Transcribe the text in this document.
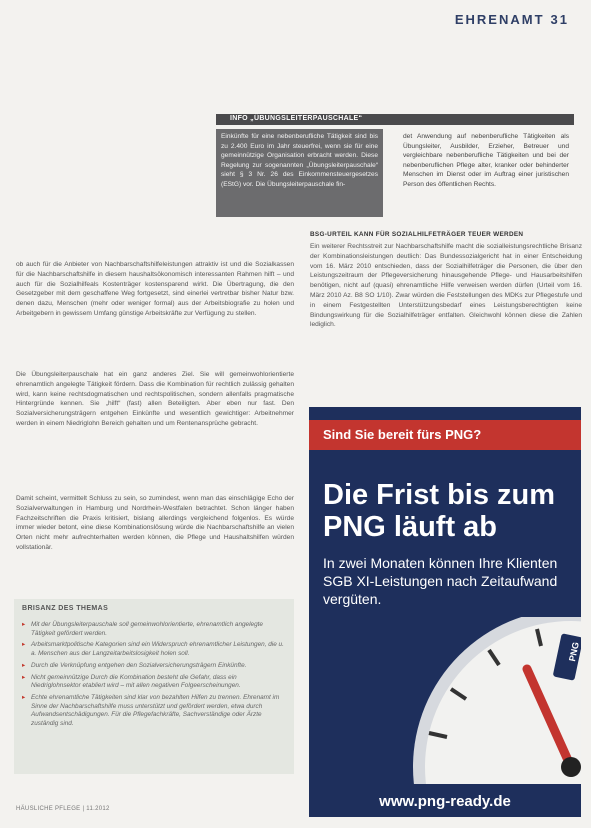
EHRENAMT 31
INFO „ÜBUNGSLEITERPAUSCHALE“
Einkünfte für eine nebenberufliche Tätigkeit sind bis zu 2.400 Euro im Jahr steuerfrei, wenn sie für eine gemeinnützige Organisation erbracht werden. Diese Regelung zur sogenannten „Übungsleiterpauschale“ sieht § 3 Nr. 26 des Einkommensteuergesetzes (EStG) vor. Die Übungsleiterpauschale fin-
det Anwendung auf nebenberufliche Tätigkeiten als Übungsleiter, Ausbilder, Erzieher, Betreuer und vergleichbare nebenberufliche Tätigkeiten und bei der nebenberuflichen Pflege alter, kranker oder behinderter Menschen im Dienst oder im Auftrag einer juristischen Person des öffentlichen Rechts.
BSG-URTEIL KANN FÜR SOZIALHILFETRÄGER TEUER WERDEN
Ein weiterer Rechtsstreit zur Nachbarschaftshilfe macht die sozialleistungsrechtliche Brisanz der Kombinationsleistungen deutlich: Das Bundessozialgericht hat in einer Entscheidung vom 16. März 2010 entschieden, dass der Sozialhilfeträger die Personen, die über den Leistungszeitraum der Pflegeversicherung hinausgehende Pflege- und Hausarbeitshilfen benötigen, nicht auf (quasi) ehrenamtliche Hilfe verweisen werden dürfen (Urteil vom 16. März 2010 Az. B8 SO 1/10). Zwar würden die Feststellungen des MDKs zur Pflegestufe und in einem Festgestellten Unterstützungsbedarf eines Leistungsberechtigten keine Bindungswirkung für die Sozialhilfeträger entfalten. Gleichwohl können diese die Zahlen lediglich.
ob auch für die Anbieter von Nachbarschaftshilfeleistungen attraktiv ist und die Sozialkassen für die Nachbarschaftshilfe in diesem haushaltsökonomisch interessanten Rahmen hilft – und auch für die Sozialhilfeals Kostenträger kostensparend wirkt. Die Übertragung, die den Gesetzgeber mit dem geschaffene Weg fortgesetzt, sind einerlei vertretbar bisher Natur bzw. denen dazu, Menschen (mehr oder weniger formal) aus der Arbeitsbiografie zu holen und Arbeitgebern in gewissem Umfang günstige Arbeitskräfte zur Verfügung zu stellen.
Die Übungsleiterpauschale hat ein ganz anderes Ziel. Sie will gemeinwohlorientierte ehrenamtlich angelegte Tätigkeit fördern. Dass die Kombination für rechtlich zulässig gehalten wird, kann keine rechtsdogmatischen und rechtspolitischen, sondern allenfalls pragmatische Hintergründe kennen. Sie „hilft“ (fast) allen Beteiligten. Aber eben nur fast. Den Sozialversicherungsträgern entgehen Einkünfte und wesentlich gewichtiger: Arbeitnehmer werden in einem Niedriglohn Bereich gehalten und um Rentenansprüche gebracht.
Damit scheint, vermittelt Schluss zu sein, so zumindest, wenn man das einschlägige Echo der Sozialverwaltungen in Hamburg und Nordrhein-Westfalen betrachtet. Schon länger haben Fachzeitschriften die Praxis kritisiert, bislang allerdings vergleichend folgenlos. Es würde immer wieder betont, eine diese Kombinationslösung würde die Nachbarschaftshilfe an vielen Orten nicht mehr aufrechterhalten werden können, die Pflege und Haushaltshilfen würden vollstationär.
BRISANZ DES THEMAS
▸ Mit der Übungsleiterpauschale soll gemeinwohlorientierte, ehrenamtlich angelegte Tätigkeit gefördert werden.
▸ Arbeitsmarktpolitische Kategorien sind ein Widerspruch ehrenamtlicher Leistungen, die u. a. Menschen aus der Langzeitarbeitslosigkeit holen soll.
▸ Durch die Verknüpfung entgehen den Sozialversicherungsträgern Einkünfte.
▸ Nicht gemeinnützige Durch die Kombination besteht die Gefahr, dass ein Niedriglohnsektor etabliert wird – mit allen negativen Folgeerscheinungen.
▸ Echte ehrenamtliche Tätigkeiten sind klar von bezahlten Hilfen zu trennen. Ehrenamt im Sinne der Nachbarschaftshilfe muss unterstützt und gefördert werden, etwa durch Aufwandsentschädigungen. Für die Pflegefachkräfte, Sachverständige oder Ärzte zuständig sind.
HÄUSLICHE PFLEGE | 11.2012
Sind Sie bereit fürs PNG?
Die Frist bis zum PNG läuft ab
In zwei Monaten können Ihre Klienten SGB XI-Leistungen nach Zeitaufwand vergüten.
PNG
www.png-ready.de
